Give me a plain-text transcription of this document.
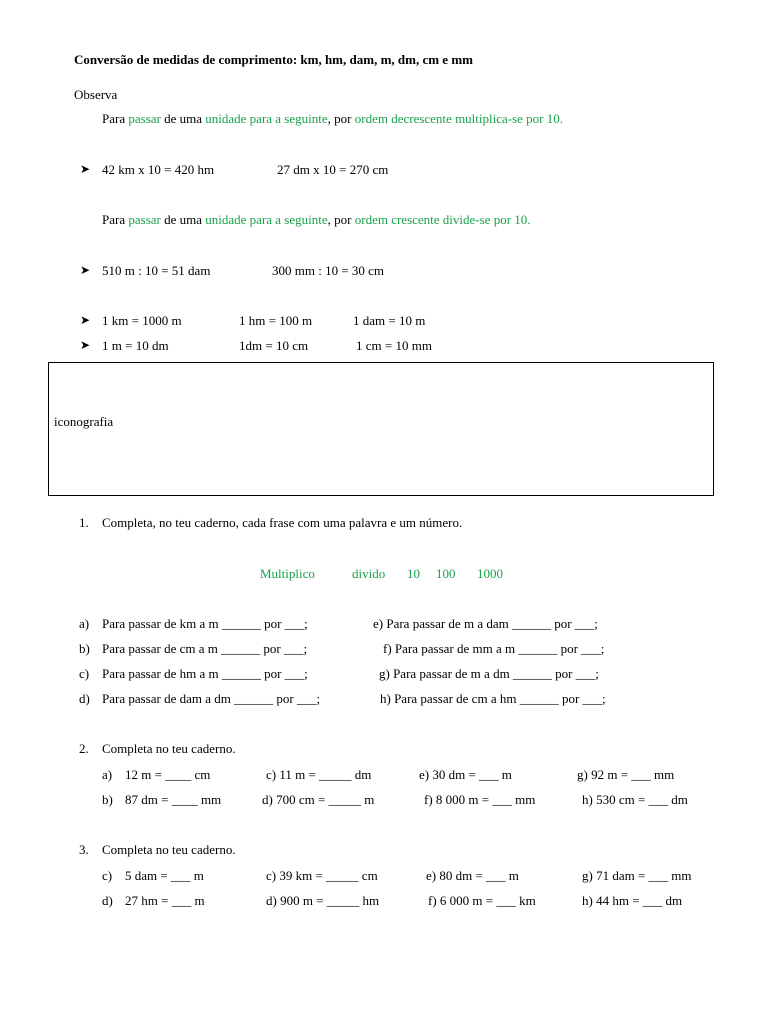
Conversão de medidas de comprimento: km, hm, dam, m, dm, cm e mm
Observa
Para passar de uma unidade para a seguinte, por ordem decrescente multiplica-se por 10.
➤ 42 km x 10 = 420 hm	27 dm x 10 = 270 cm
Para passar de uma unidade para a seguinte, por ordem crescente divide-se por 10.
➤ 510 m : 10 = 51 dam	300 mm : 10 = 30 cm
➤ 1 km = 1000 m	1 hm = 100 m	1 dam = 10 m
➤ 1 m = 10 dm	1dm = 10 cm	1 cm = 10 mm
iconografia
1. Completa, no teu caderno, cada frase com uma palavra e um número.
Multiplico	divido 10 100 1000
a) Para passar de km a m ______ por ___;	e) Para passar de m a dam ______ por ___;
b) Para passar de cm a m ______ por ___;	f) Para passar de mm a m ______ por ___;
c) Para passar de hm a m ______ por ___;	g) Para passar de m a dm ______ por ___;
d) Para passar de dam a dm ______ por ___;	h) Para passar de cm a hm ______ por ___;
2. Completa no teu caderno.
a) 12 m = ____ cm	c) 11 m = _____ dm	e) 30 dm = ___ m	g) 92 m = ___ mm
b) 87 dm = ____ mm	d) 700 cm = _____ m	f) 8 000 m = ___ mm	h) 530 cm = ___ dm
3. Completa no teu caderno.
c) 5 dam = ___ m	c) 39 km = _____ cm	e) 80 dm = ___ m	g) 71 dam = ___ mm
d) 27 hm = ___ m	d) 900 m = _____ hm	f) 6 000 m = ___ km	h) 44 hm = ___ dm
